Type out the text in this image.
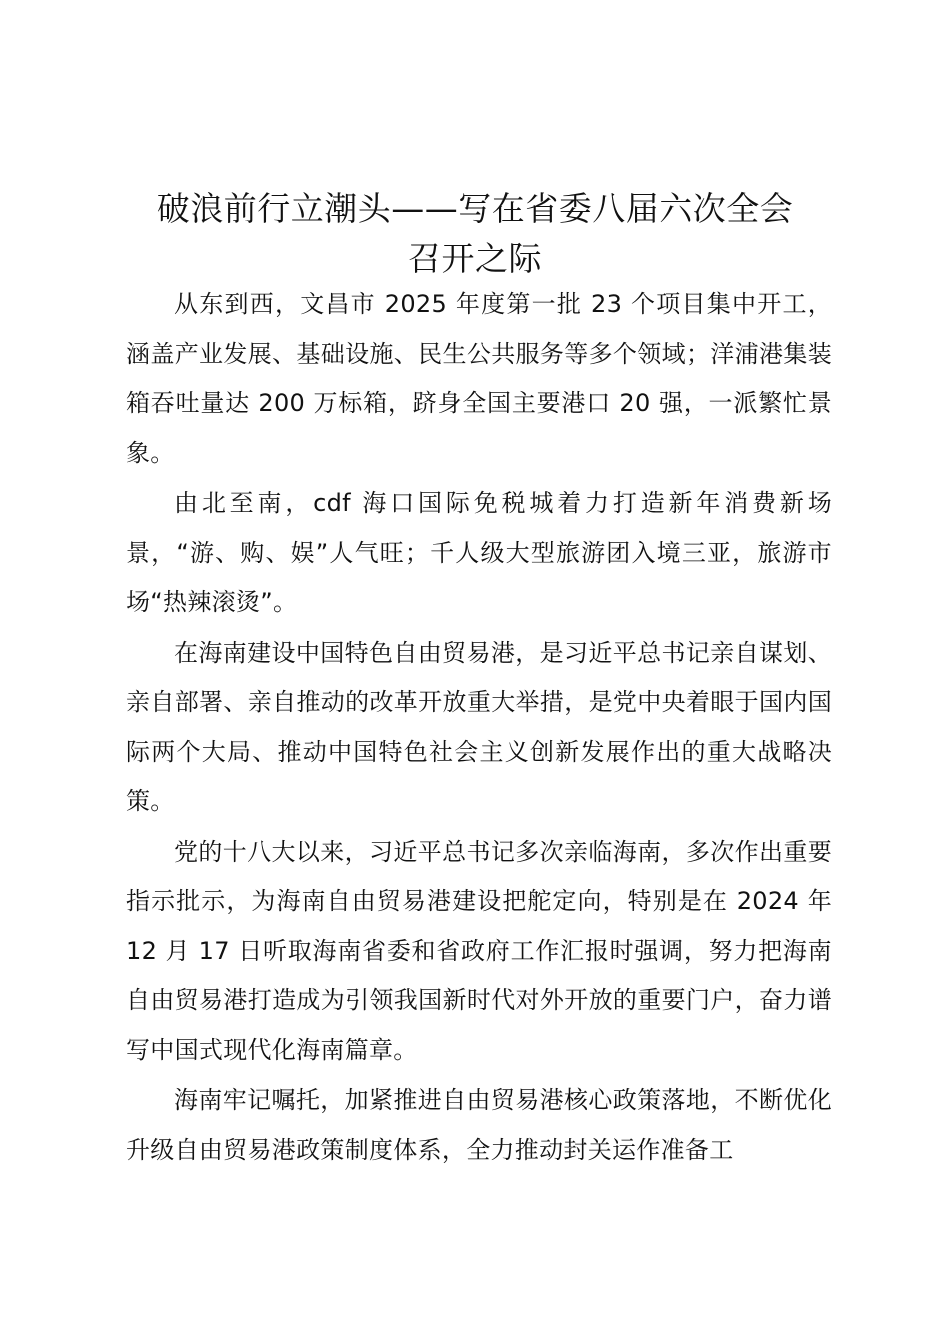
破浪前行立潮头——写在省委八届六次全会
召开之际

从东到西，文昌市 2025 年度第一批 23 个项目集中开工，涵盖产业发展、基础设施、民生公共服务等多个领域；洋浦港集装箱吞吐量达 200 万标箱，跻身全国主要港口 20 强，一派繁忙景象。

由北至南，cdf 海口国际免税城着力打造新年消费新场景，“游、购、娱”人气旺；千人级大型旅游团入境三亚，旅游市场“热辣滚烫”。

在海南建设中国特色自由贸易港，是习近平总书记亲自谋划、亲自部署、亲自推动的改革开放重大举措，是党中央着眼于国内国际两个大局、推动中国特色社会主义创新发展作出的重大战略决策。

党的十八大以来，习近平总书记多次亲临海南，多次作出重要指示批示，为海南自由贸易港建设把舵定向，特别是在 2024 年 12 月 17 日听取海南省委和省政府工作汇报时强调，努力把海南自由贸易港打造成为引领我国新时代对外开放的重要门户，奋力谱写中国式现代化海南篇章。

海南牢记嘱托，加紧推进自由贸易港核心政策落地，不断优化升级自由贸易港政策制度体系，全力推动封关运作准备工
